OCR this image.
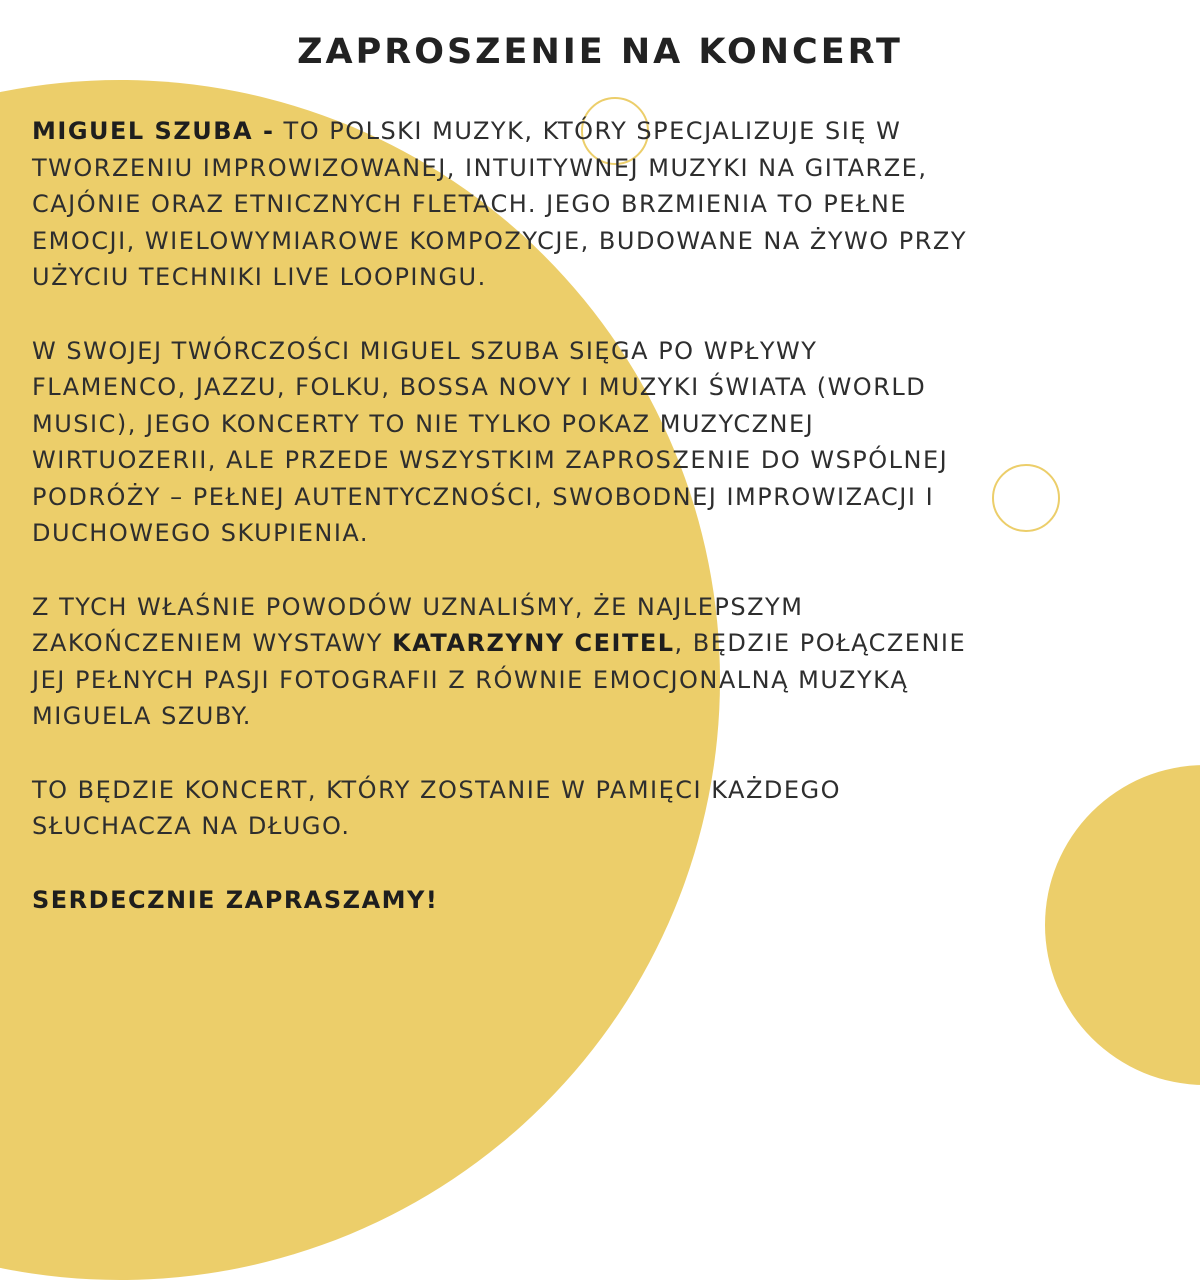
ZAPROSZENIE NA KONCERT

MIGUEL SZUBA - TO POLSKI MUZYK, KTÓRY SPECJALIZUJE SIĘ W
TWORZENIU IMPROWIZOWANEJ, INTUITYWNEJ MUZYKI NA GITARZE,
CAJÓNIE ORAZ ETNICZNYCH FLETACH. JEGO BRZMIENIA TO PEŁNE
EMOCJI, WIELOWYMIAROWE KOMPOZYCJE, BUDOWANE NA ŻYWO PRZY
UŻYCIU TECHNIKI LIVE LOOPINGU.

W SWOJEJ TWÓRCZOŚCI MIGUEL SZUBA SIĘGA PO WPŁYWY
FLAMENCO, JAZZU, FOLKU, BOSSA NOVY I MUZYKI ŚWIATA (WORLD
MUSIC), JEGO KONCERTY TO NIE TYLKO POKAZ MUZYCZNEJ
WIRTUOZERII, ALE PRZEDE WSZYSTKIM ZAPROSZENIE DO WSPÓLNEJ
PODRÓŻY – PEŁNEJ AUTENTYCZNOŚCI, SWOBODNEJ IMPROWIZACJI I
DUCHOWEGO SKUPIENIA.

Z TYCH WŁAŚNIE POWODÓW UZNALIŚMY, ŻE NAJLEPSZYM
ZAKOŃCZENIEM WYSTAWY KATARZYNY CEITEL, BĘDZIE POŁĄCZENIE
JEJ PEŁNYCH PASJI FOTOGRAFII Z RÓWNIE EMOCJONALNĄ MUZYKĄ
MIGUELA SZUBY.

TO BĘDZIE KONCERT, KTÓRY ZOSTANIE W PAMIĘCI KAŻDEGO
SŁUCHACZA NA DŁUGO.

SERDECZNIE ZAPRASZAMY!
